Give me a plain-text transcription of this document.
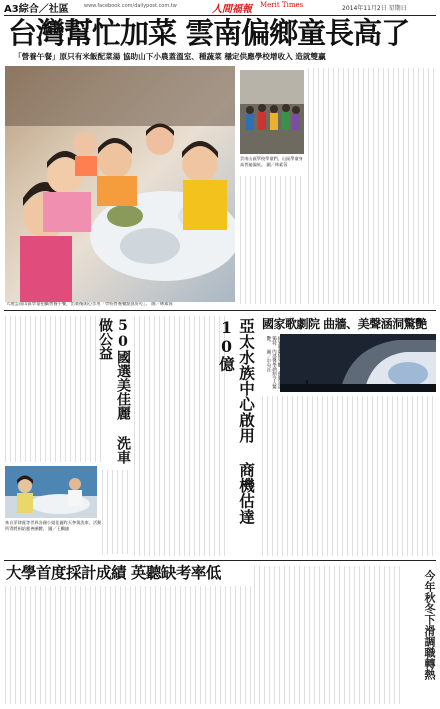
A3綜合／社區	www.facebook.com/dailypost.com.tw	人間福報 Merit Times	2014年11月2日 星期日
台灣幫忙加菜 雲南偏鄉童長高了
「營養午餐」原只有米飯配菜湯 協助山下小農蓋溫室、種蔬菜 穩定供應學校增收入 造就雙贏
大理雲南山區學童拍攝營養午餐，出菜後開心享用「學校營養餐點真好吃」。 圖／林素蓉
雲南山區學校學童們，山區學童身高普遍偏低。 圖／林素蓉
50國選美佳麗 洗車做公益
來自菲律賓等世界各國小姐佳麗昨天參與洗車，活動所得將捐給慈善團體。 圖／王鵬捷
亞太水族中心啟用 商機估達10億	國家歌劇院 曲牆、美聲涵洞驚艷
獨特，內部聲學涵洞令人驚艷。 圖／中央社
大學首度採計成績 英聽缺考率低	今年秋冬下滑調職轉熱
